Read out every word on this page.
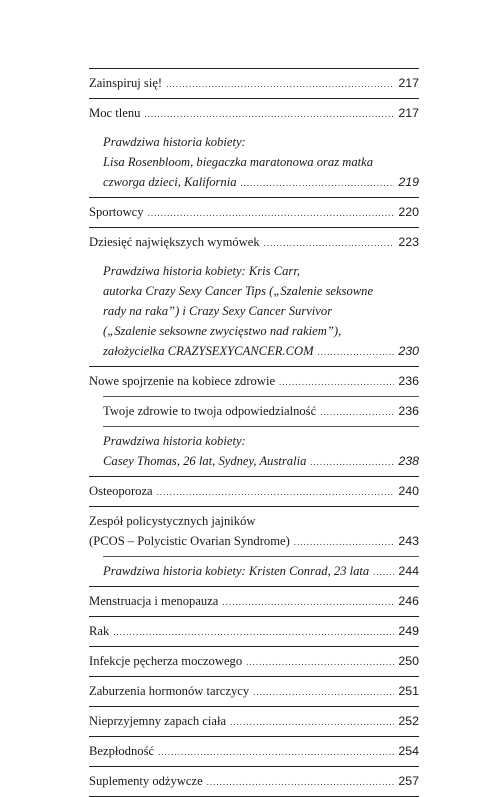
Zainspiruj się! .....	217
Moc tlenu .....	217
Prawdziwa historia kobiety:
Lisa Rosenbloom, biegaczka maratonowa oraz matka
czworga dzieci, Kalifornia .....	219
Sportowcy .....	220
Dziesięć największych wymówek .....	223
Prawdziwa historia kobiety: Kris Carr,
autorka Crazy Sexy Cancer Tips („Szalenie seksowne
rady na raka”) i Crazy Sexy Cancer Survivor
(„Szalenie seksowne zwycięstwo nad rakiem”),
założycielka CRAZYSEXYCANCER.COM .....	230
Nowe spojrzenie na kobiece zdrowie .....	236
Twoje zdrowie to twoja odpowiedzialność .....	236
Prawdziwa historia kobiety:
Casey Thomas, 26 lat, Sydney, Australia .....	238
Osteoporoza .....	240
Zespół policystycznych jajników
(PCOS – Polycistic Ovarian Syndrome) .....	243
Prawdziwa historia kobiety: Kristen Conrad, 23 lata ..... 244
Menstruacja i menopauza .....	246
Rak .....	249
Infekcje pęcherza moczowego .....	250
Zaburzenia hormonów tarczycy .....	251
Nieprzyjemny zapach ciała .....	252
Bezpłodność .....	254
Suplementy odżywcze .....	257
